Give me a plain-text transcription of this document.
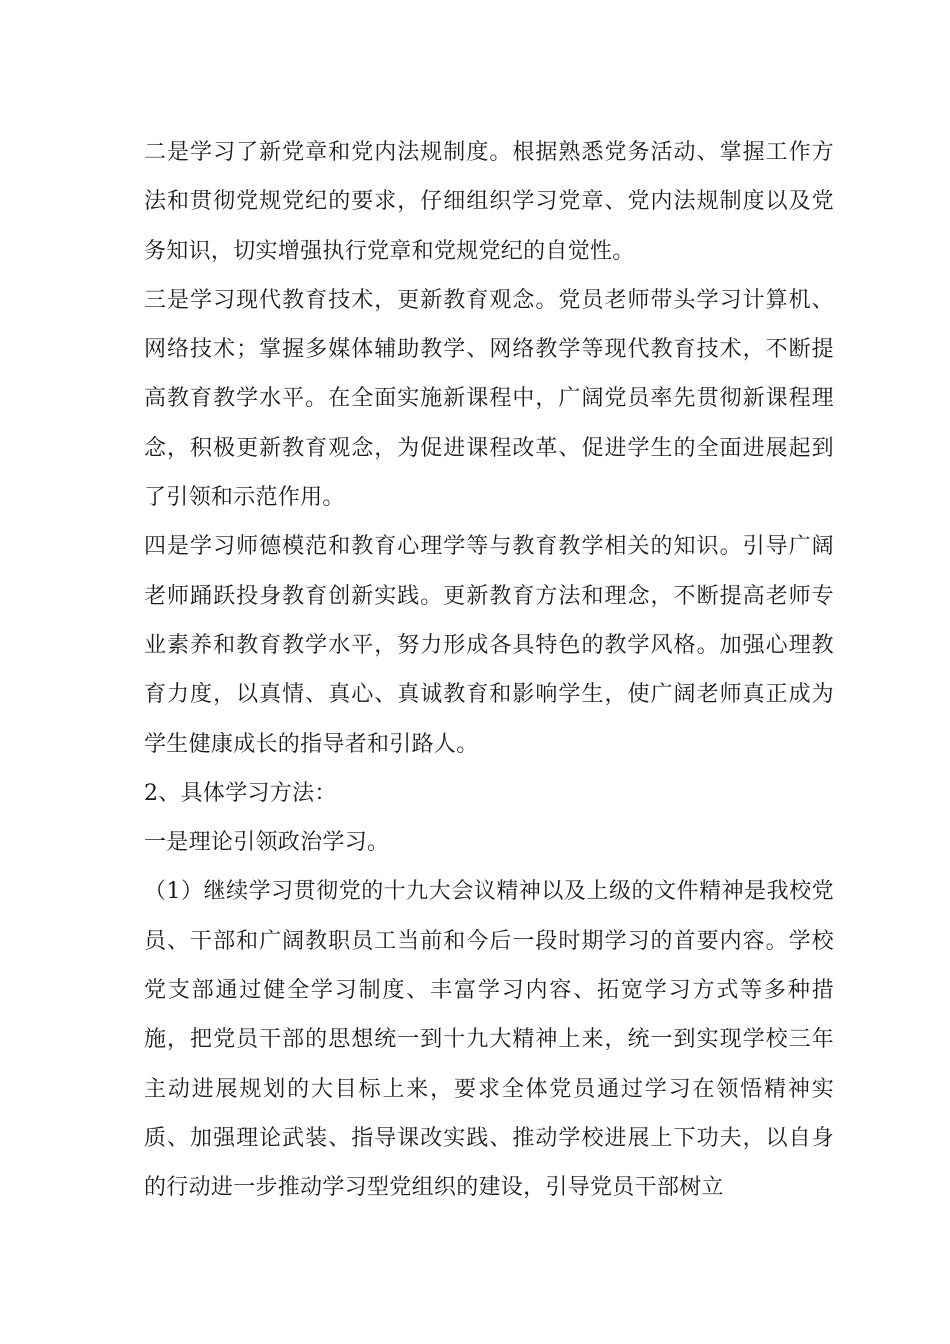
二是学习了新党章和党内法规制度。根据熟悉党务活动、掌握工作方法和贯彻党规党纪的要求，仔细组织学习党章、党内法规制度以及党务知识，切实增强执行党章和党规党纪的自觉性。

三是学习现代教育技术，更新教育观念。党员老师带头学习计算机、网络技术；掌握多媒体辅助教学、网络教学等现代教育技术，不断提高教育教学水平。在全面实施新课程中，广阔党员率先贯彻新课程理念，积极更新教育观念，为促进课程改革、促进学生的全面进展起到了引领和示范作用。

四是学习师德模范和教育心理学等与教育教学相关的知识。引导广阔老师踊跃投身教育创新实践。更新教育方法和理念，不断提高老师专业素养和教育教学水平，努力形成各具特色的教学风格。加强心理教育力度，以真情、真心、真诚教育和影响学生，使广阔老师真正成为学生健康成长的指导者和引路人。

2、具体学习方法：

一是理论引领政治学习。

（1）继续学习贯彻党的十九大会议精神以及上级的文件精神是我校党员、干部和广阔教职员工当前和今后一段时期学习的首要内容。学校党支部通过健全学习制度、丰富学习内容、拓宽学习方式等多种措施，把党员干部的思想统一到十九大精神上来，统一到实现学校三年主动进展规划的大目标上来，要求全体党员通过学习在领悟精神实质、加强理论武装、指导课改实践、推动学校进展上下功夫，以自身的行动进一步推动学习型党组织的建设，引导党员干部树立
